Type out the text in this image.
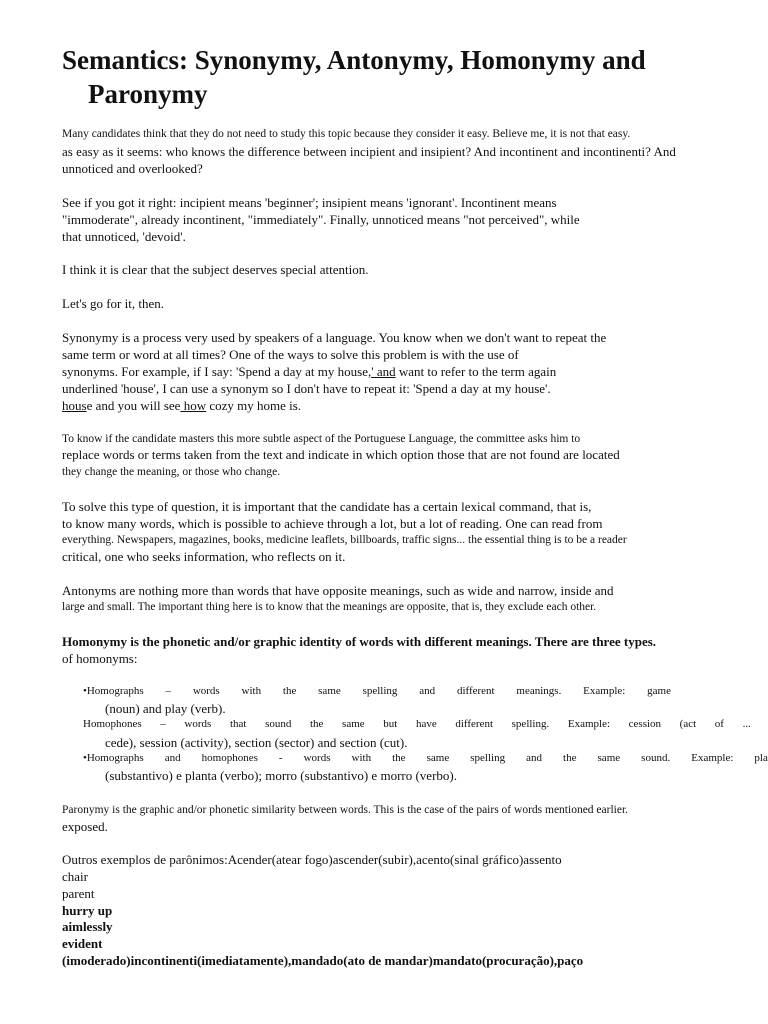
Semantics: Synonymy, Antonymy, Homonymy and
Paronymy
Many candidates think that they do not need to study this topic because they consider it easy. Believe me, it is not that easy.
as easy as it seems: who knows the difference between incipient and insipient? And incontinent and incontinenti? And
unnoticed and overlooked?
See if you got it right: incipient means 'beginner'; insipient means 'ignorant'. Incontinent means
"immoderate", already incontinent, "immediately". Finally, unnoticed means "not perceived", while
that unnoticed, 'devoid'.
I think it is clear that the subject deserves special attention.
Let's go for it, then.
Synonymy is a process very used by speakers of a language. You know when we don't want to repeat the
same term or word at all times? One of the ways to solve this problem is with the use of
synonyms. For example, if I say: 'Spend a day at my house,' and want to refer to the term again
underlined 'house', I can use a synonym so I don't have to repeat it: 'Spend a day at my house'.
house and you will see how cozy my home is.
To know if the candidate masters this more subtle aspect of the Portuguese Language, the committee asks him to
replace words or terms taken from the text and indicate in which option those that are not found are located
they change the meaning, or those who change.
To solve this type of question, it is important that the candidate has a certain lexical command, that is,
to know many words, which is possible to achieve through a lot, but a lot of reading. One can read from
everything. Newspapers, magazines, books, medicine leaflets, billboards, traffic signs... the essential thing is to be a reader
critical, one who seeks information, who reflects on it.
Antonyms are nothing more than words that have opposite meanings, such as wide and narrow, inside and
large and small. The important thing here is to know that the meanings are opposite, that is, they exclude each other.
Homonymy is the phonetic and/or graphic identity of words with different meanings. There are three types.
of homonyms:
•Homographs – words with the same spelling and different meanings. Example: game
(noun) and play (verb).
Homophones – words that sound the same but have different spelling. Example: cession (act of ...
cede), session (activity), section (sector) and section (cut).
•Homographs and homophones - words with the same spelling and the same sound. Example: pla
(substantivo) e planta (verbo); morro (substantivo) e morro (verbo).
Paronymy is the graphic and/or phonetic similarity between words. This is the case of the pairs of words mentioned earlier.
exposed.
Outros exemplos de parônimos:Acender(atear fogo)ascender(subir),acento(sinal gráfico)assento
chair
parent
hurry up
aimlessly
evident
(imoderado)incontinenti(imediatamente),mandado(ato de mandar)mandato(procuração),paço
